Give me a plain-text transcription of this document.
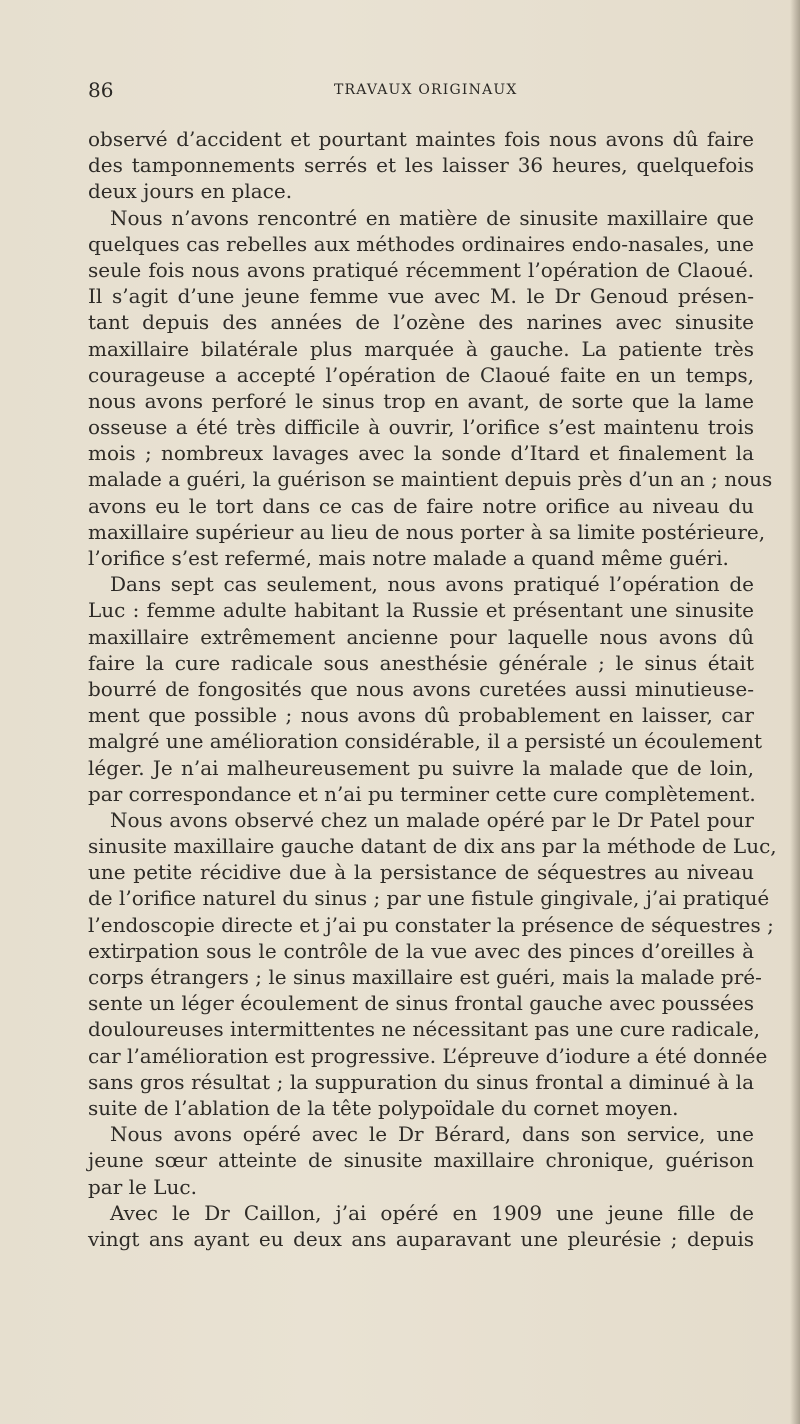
86	TRAVAUX ORIGINAUX
observé d’accident et pourtant maintes fois nous avons dû faire
des tamponnements serrés et les laisser 36 heures, quelquefois
deux jours en place.
Nous n’avons rencontré en matière de sinusite maxillaire que
quelques cas rebelles aux méthodes ordinaires endo-nasales, une
seule fois nous avons pratiqué récemment l’opération de Claoué.
Il s’agit d’une jeune femme vue avec M. le Dr Genoud présen-
tant depuis des années de l’ozène des narines avec sinusite
maxillaire bilatérale plus marquée à gauche. La patiente très
courageuse a accepté l’opération de Claoué faite en un temps,
nous avons perforé le sinus trop en avant, de sorte que la lame
osseuse a été très difficile à ouvrir, l’orifice s’est maintenu trois
mois ; nombreux lavages avec la sonde d’Itard et finalement la
malade a guéri, la guérison se maintient depuis près d’un an ; nous
avons eu le tort dans ce cas de faire notre orifice au niveau du
maxillaire supérieur au lieu de nous porter à sa limite postérieure,
l’orifice s’est refermé, mais notre malade a quand même guéri.
Dans sept cas seulement, nous avons pratiqué l’opération de
Luc : femme adulte habitant la Russie et présentant une sinusite
maxillaire extrêmement ancienne pour laquelle nous avons dû
faire la cure radicale sous anesthésie générale ; le sinus était
bourré de fongosités que nous avons curetées aussi minutieuse-
ment que possible ; nous avons dû probablement en laisser, car
malgré une amélioration considérable, il a persisté un écoulement
léger. Je n’ai malheureusement pu suivre la malade que de loin,
par correspondance et n’ai pu terminer cette cure complètement.
Nous avons observé chez un malade opéré par le Dr Patel pour
sinusite maxillaire gauche datant de dix ans par la méthode de Luc,
une petite récidive due à la persistance de séquestres au niveau
de l’orifice naturel du sinus ; par une fistule gingivale, j’ai pratiqué
l’endoscopie directe et j’ai pu constater la présence de séquestres ;
extirpation sous le contrôle de la vue avec des pinces d’oreilles à
corps étrangers ; le sinus maxillaire est guéri, mais la malade pré-
sente un léger écoulement de sinus frontal gauche avec poussées
douloureuses intermittentes ne nécessitant pas une cure radicale,
car l’amélioration est progressive. L’épreuve d’iodure a été donnée
sans gros résultat ; la suppuration du sinus frontal a diminué à la
suite de l’ablation de la tête polypoïdale du cornet moyen.
Nous avons opéré avec le Dr Bérard, dans son service, une
jeune sœur atteinte de sinusite maxillaire chronique, guérison
par le Luc.
Avec le Dr Caillon, j’ai opéré en 1909 une jeune fille de
vingt ans ayant eu deux ans auparavant une pleurésie ; depuis
